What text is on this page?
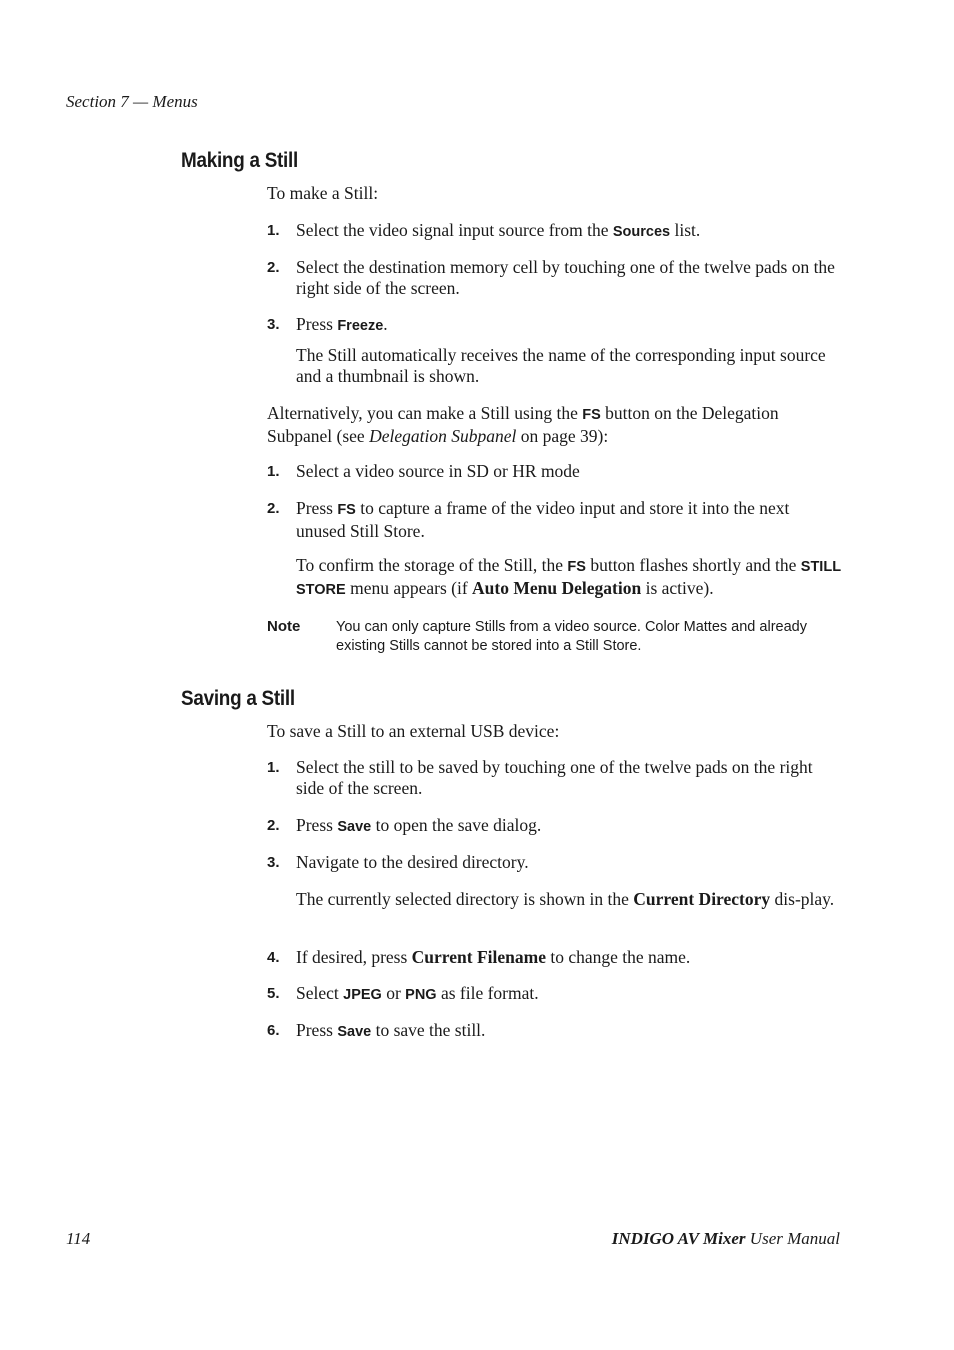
Section 7 — Menus
Making a Still
To make a Still:
1. Select the video signal input source from the Sources list.
2. Select the destination memory cell by touching one of the twelve pads on the right side of the screen.
3. Press Freeze.
The Still automatically receives the name of the corresponding input source and a thumbnail is shown.
Alternatively, you can make a Still using the FS button on the Delegation Subpanel (see Delegation Subpanel on page 39):
1. Select a video source in SD or HR mode
2. Press FS to capture a frame of the video input and store it into the next unused Still Store.
To confirm the storage of the Still, the FS button flashes shortly and the STILL STORE menu appears (if Auto Menu Delegation is active).
Note You can only capture Stills from a video source. Color Mattes and already existing Stills cannot be stored into a Still Store.
Saving a Still
To save a Still to an external USB device:
1. Select the still to be saved by touching one of the twelve pads on the right side of the screen.
2. Press Save to open the save dialog.
3. Navigate to the desired directory.
The currently selected directory is shown in the Current Directory dis-play.
4. If desired, press Current Filename to change the name.
5. Select JPEG or PNG as file format.
6. Press Save to save the still.
114	INDIGO AV Mixer User Manual
